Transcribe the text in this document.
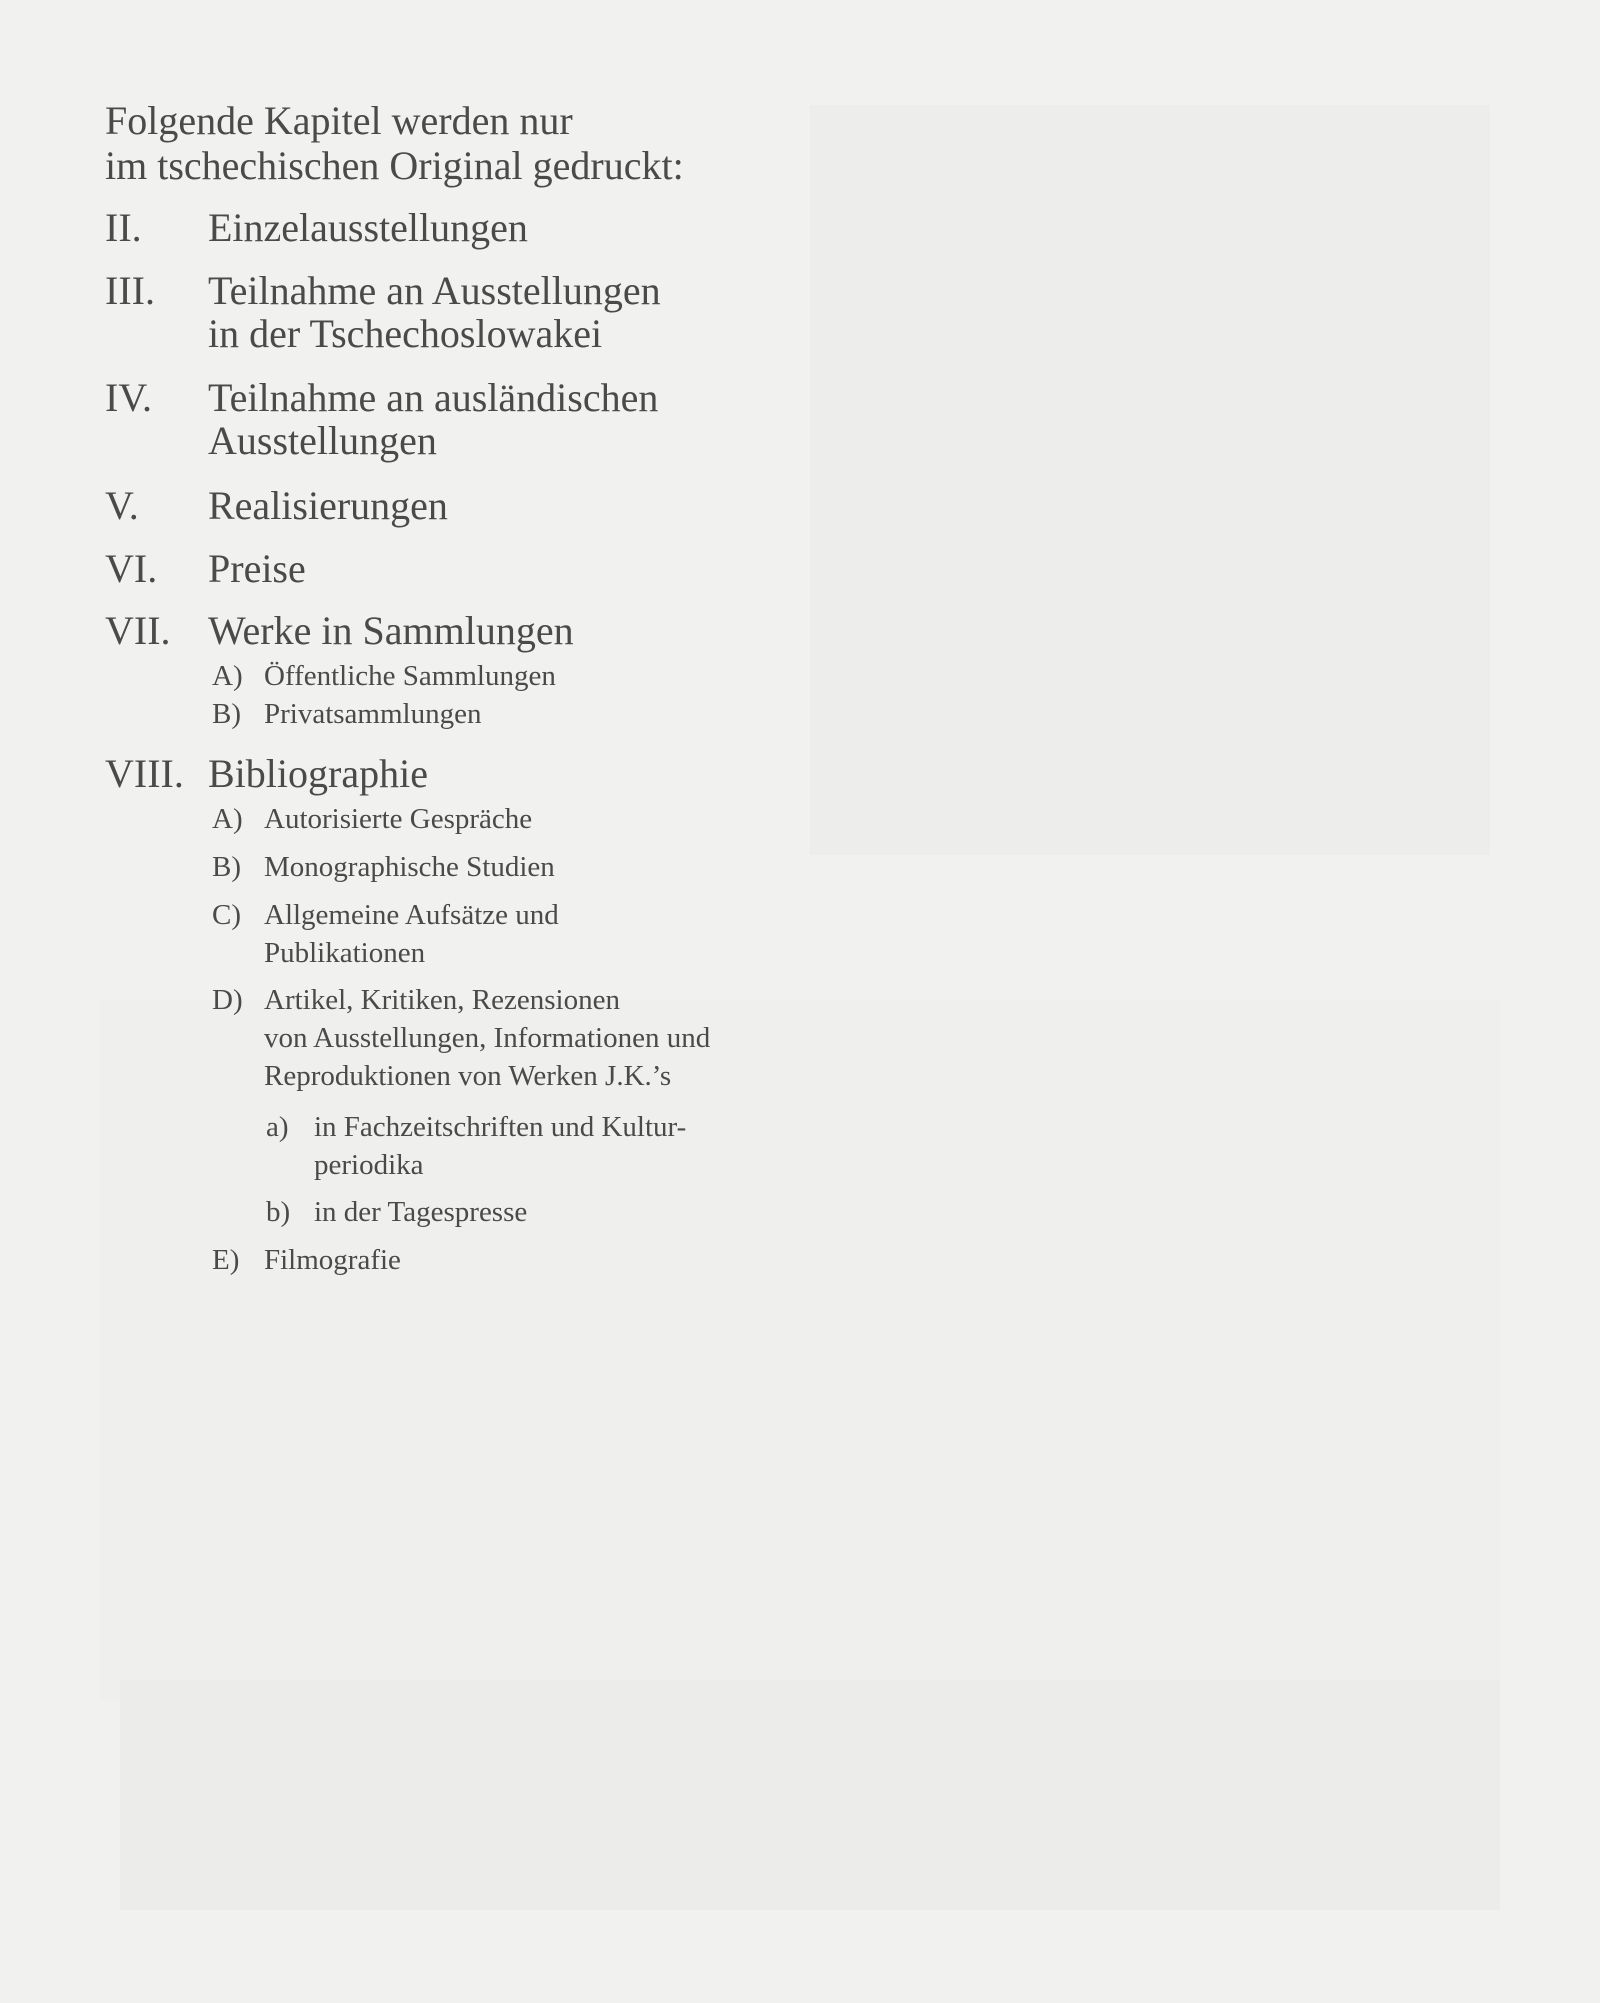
Folgende Kapitel werden nur
im tschechischen Original gedruckt:
II. Einzelausstellungen
III. Teilnahme an Ausstellungen
in der Tschechoslowakei
IV. Teilnahme an ausländischen
Ausstellungen
V. Realisierungen
VI. Preise
VII. Werke in Sammlungen
A) Öffentliche Sammlungen
B) Privatsammlungen
VIII. Bibliographie
A) Autorisierte Gespräche
B) Monographische Studien
C) Allgemeine Aufsätze und
Publikationen
D) Artikel, Kritiken, Rezensionen
von Ausstellungen, Informationen und
Reproduktionen von Werken J.K.’s
a) in Fachzeitschriften und Kultur-
periodika
b) in der Tagespresse
E) Filmografie
